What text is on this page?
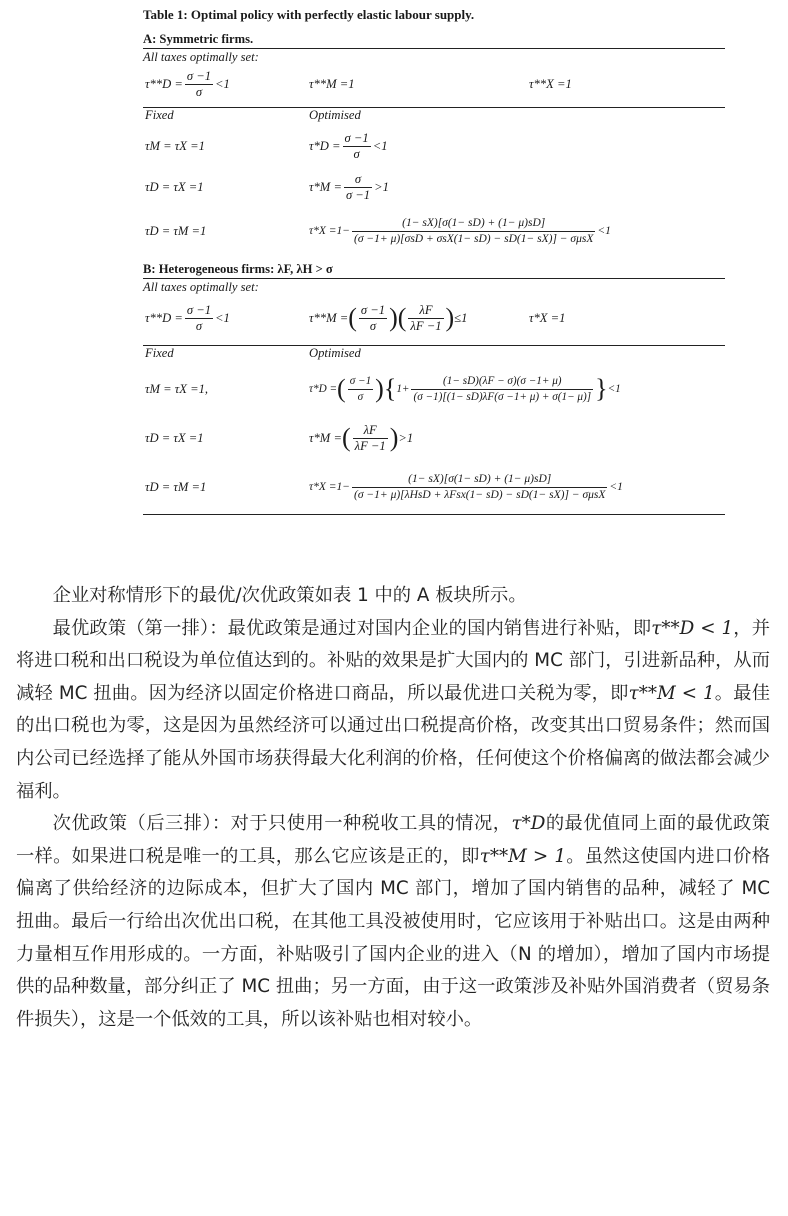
Table 1: Optimal policy with perfectly elastic labour supply.
A: Symmetric firms.
All taxes optimally set:
$\tau**D = \frac{\sigma -1}{\sigma} <1$	τ**M =1	τ**X =1
Fixed	Optimised
τM = τX =1	$\tau*D = \frac{\sigma -1}{\sigma} <1$
τD = τX =1	$\tau*M = \frac{\sigma}{\sigma -1} >1$
τD = τM =1	$\tau*X =1- \frac{(1- sX)[\sigma(1- sD) + (1- \mu)sD]}{\text{(σ −1+ μ)[σsD + σsX(1− sD) − sD(1− sX)] − σμsX}} <1$
B: Heterogeneous firms: λF, λH > σ
All taxes optimally set:
$\tau**D = \frac{\sigma -1}{\sigma} <1$	τ**M = ( $\frac{\sigma -1}{\sigma}$ )( $\frac{\lambda F}{\lambda F -1}$ ) ≤1	τ*X =1
Fixed	Optimised
τM = τX =1,	τ*D = ( $\frac{\sigma -1}{\sigma}$ ){ $1+ \frac{(1- sD)(\lambda F - \sigma)(\sigma -1+ \mu)}{(\sigma -1)[(1- sD)\lambda F(\sigma -1+ \mu) + \sigma(1- \mu)]}$ } <1
τD = τX =1	τ*M = ( $\frac{\lambda F}{\lambda F -1}$ ) >1
τD = τM =1	$\tau*X =1- \frac{(1- sX)[\sigma(1- sD) + (1- \mu)sD]}{\text{(σ −1+ μ)[λHsD + λFsx(1− sD) − sD(1− sX)] − σμsX}} <1$

企业对称情形下的最优/次优政策如表 1 中的 A 板块所示。

最优政策（第一排）：最优政策是通过对国内企业的国内销售进行补贴，即τ**D < 1，并将进口税和出口税设为单位值达到的。补贴的效果是扩大国内的 MC 部门，引进新品种，从而减轻 MC 扭曲。因为经济以固定价格进口商品，所以最优进口关税为零，即τ**M < 1。最佳的出口税也为零，这是因为虽然经济可以通过出口税提高价格，改变其出口贸易条件；然而国内公司已经选择了能从外国市场获得最大化利润的价格，任何使这个价格偏离的做法都会减少福利。

次优政策（后三排）：对于只使用一种税收工具的情况，τ*D的最优值同上面的最优政策一样。如果进口税是唯一的工具，那么它应该是正的，即τ**M > 1。虽然这使国内进口价格偏离了供给经济的边际成本，但扩大了国内 MC 部门，增加了国内销售的品种，减轻了 MC 扭曲。最后一行给出次优出口税，在其他工具没被使用时，它应该用于补贴出口。这是由两种力量相互作用形成的。一方面，补贴吸引了国内企业的进入（N 的增加），增加了国内市场提供的品种数量，部分纠正了 MC 扭曲；另一方面，由于这一政策涉及补贴外国消费者（贸易条件损失），这是一个低效的工具，所以该补贴也相对较小。
